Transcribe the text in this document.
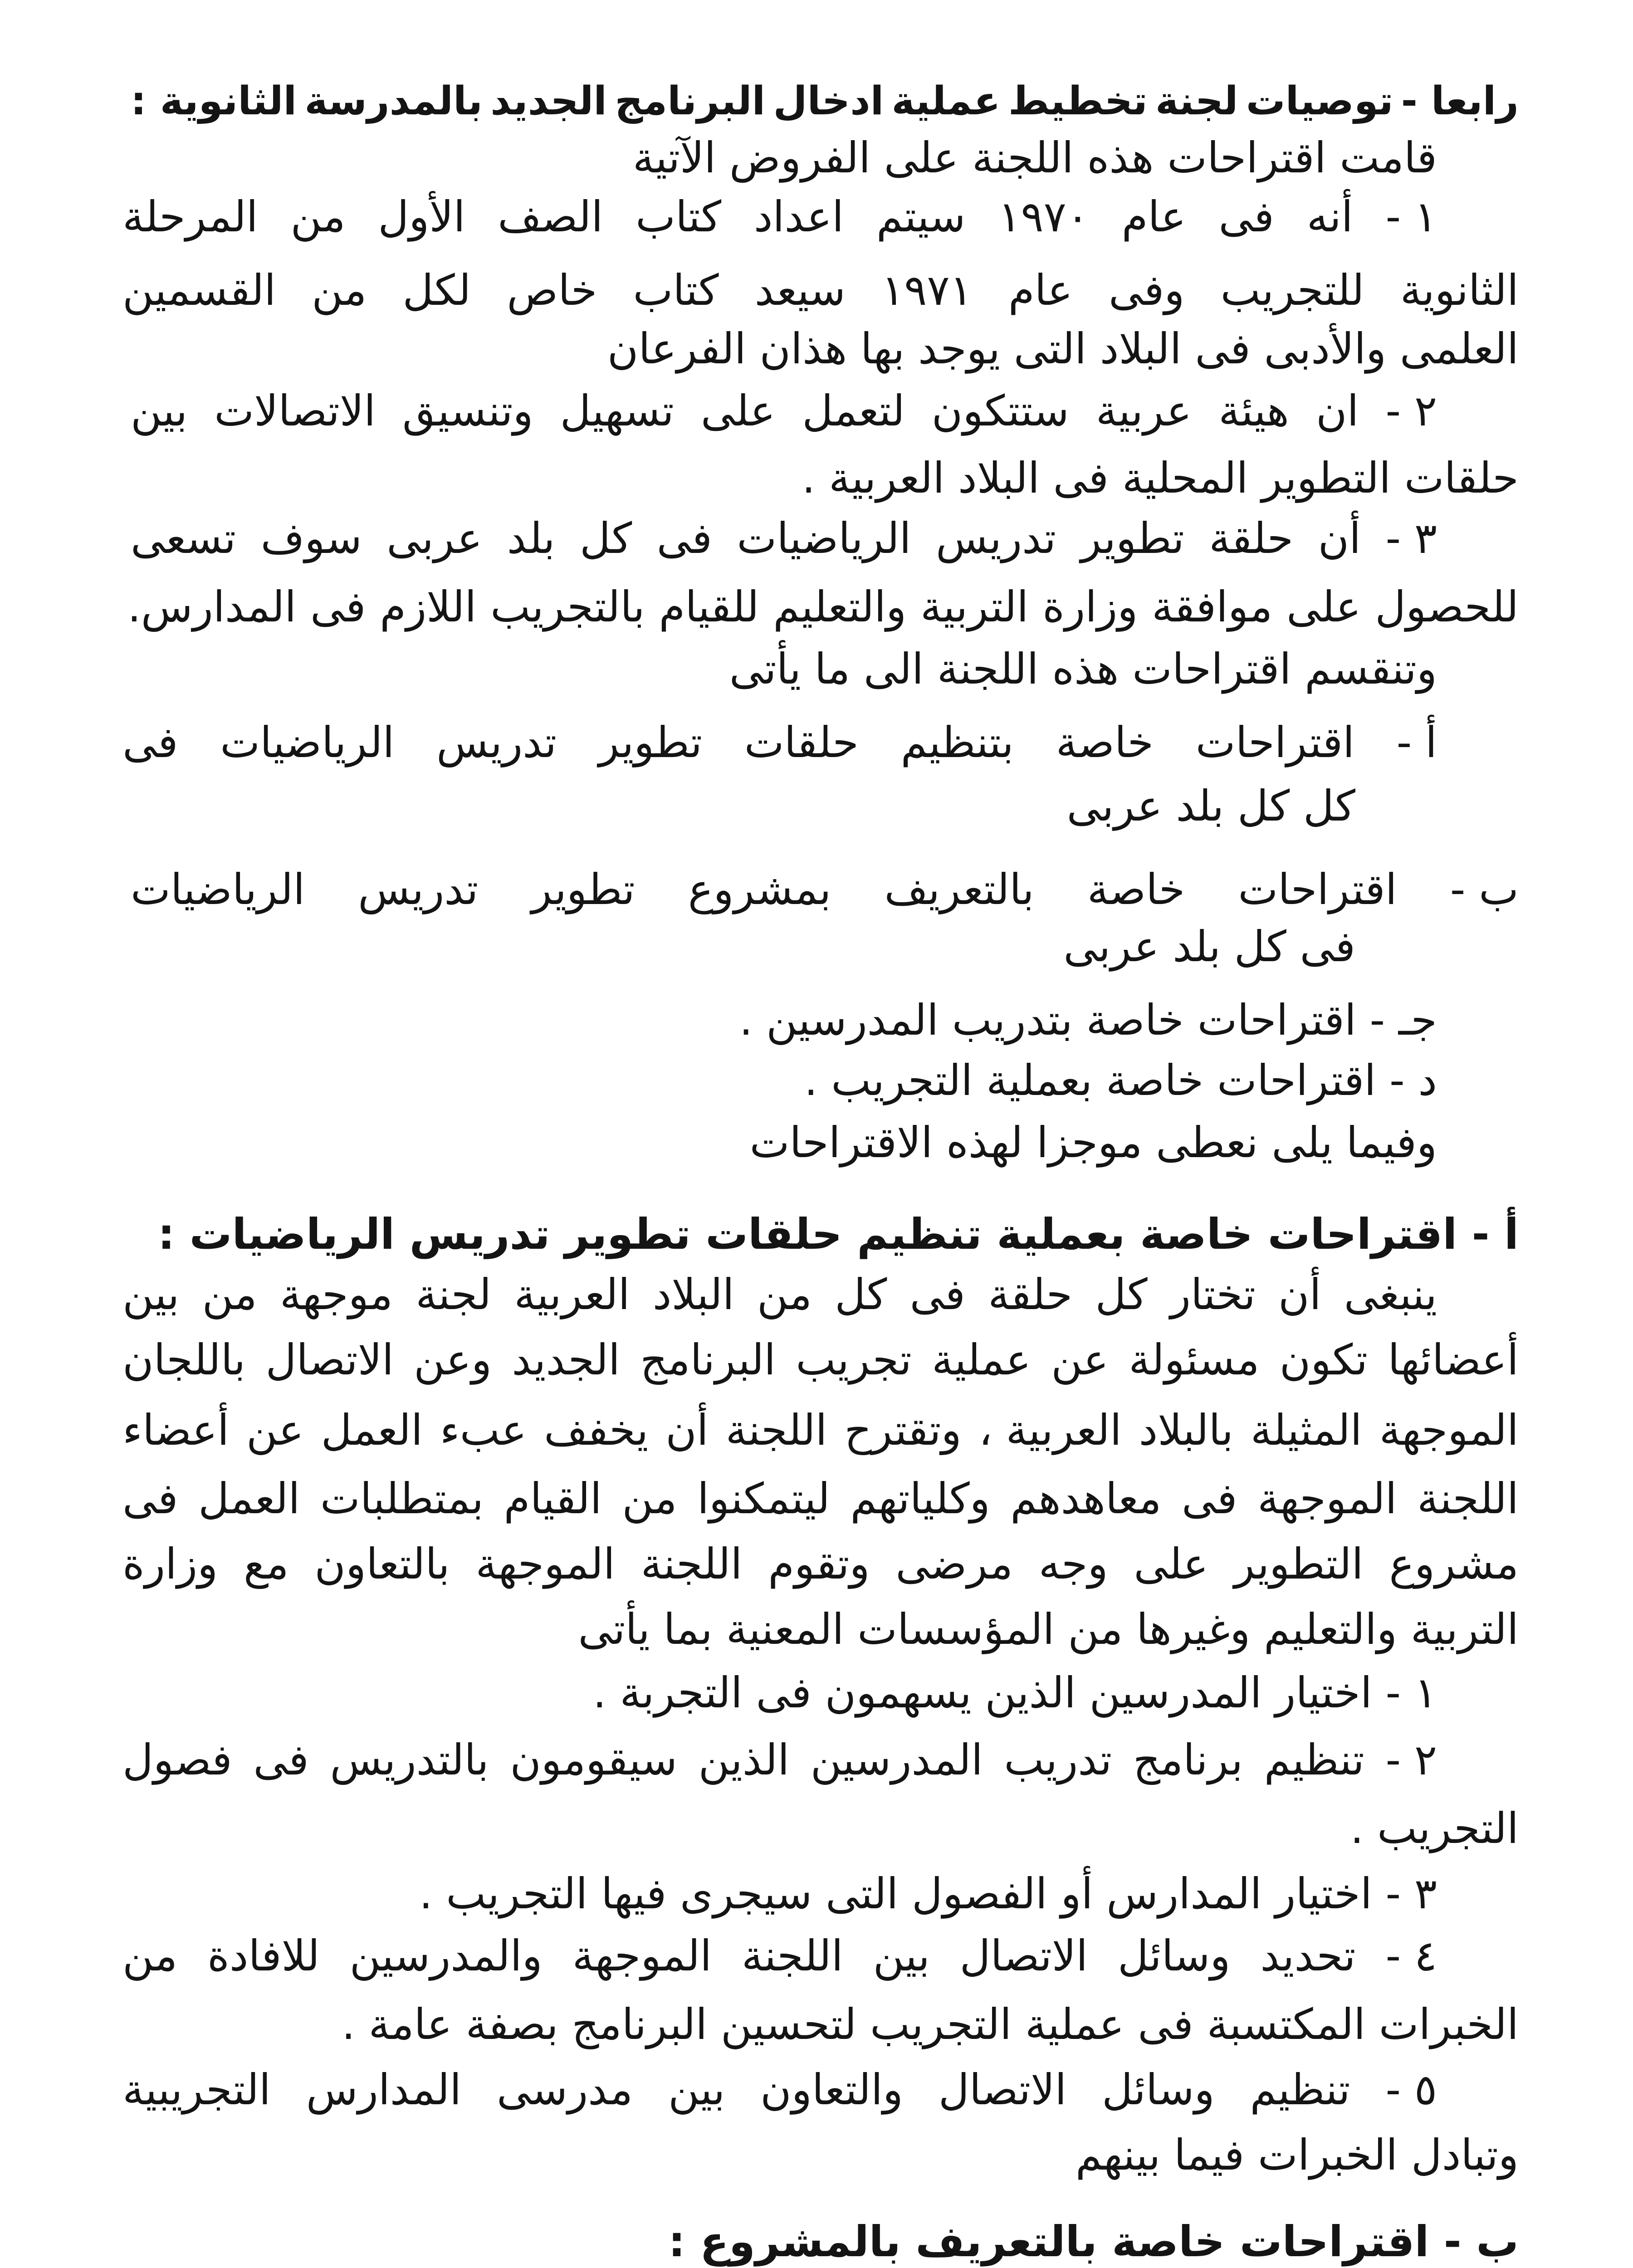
رابعا -
توصيات
لجنة
تخطيط
عملية
ادخال
البرنامج
الجديد
بالمدرسة
الثانوية :
قامت اقتراحات هذه اللجنة على الفروض الآتية
١ -
أنه
فى
عام
١٩٧٠
سيتم
اعداد
كتاب
الصف
الأول
من
المرحلة
الثانوية
للتجريب
وفى
عام
١٩٧١
سيعد
كتاب
خاص
لكل
من
القسمين
العلمى والأدبى فى البلاد التى يوجد بها هذان الفرعان
٢ -
ان
هيئة
عربية
ستتكون
لتعمل
على
تسهيل
وتنسيق
الاتصالات
بين
حلقات التطوير المحلية فى البلاد العربية .
٣ -
أن
حلقة
تطوير
تدريس
الرياضيات
فى
كل
بلد
عربى
سوف
تسعى
للحصول
على
موافقة
وزارة
التربية
والتعليم
للقيام
بالتجريب
اللازم
فى
المدارس.
وتنقسم اقتراحات هذه اللجنة الى ما يأتى
أ -
اقتراحات
خاصة
بتنظيم
حلقات
تطوير
تدريس
الرياضيات
فى
كل كل بلد عربى
ب -
اقتراحات
خاصة
بالتعريف
بمشروع
تطوير
تدريس
الرياضيات
فى كل بلد عربى
جـ - اقتراحات خاصة بتدريب المدرسين .
د - اقتراحات خاصة بعملية التجريب .
وفيما يلى نعطى موجزا لهذه الاقتراحات
أ - اقتراحات خاصة بعملية تنظيم حلقات تطوير تدريس الرياضيات :
ينبغى
أن
تختار
كل
حلقة
فى
كل
من
البلاد
العربية
لجنة
موجهة
من
بين
أعضائها
تكون
مسئولة
عن
عملية
تجريب
البرنامج
الجديد
وعن
الاتصال
باللجان
الموجهة
المثيلة
بالبلاد
العربية ،
وتقترح
اللجنة
أن
يخفف
عبء
العمل
عن
أعضاء
اللجنة
الموجهة
فى
معاهدهم
وكلياتهم
ليتمكنوا
من
القيام
بمتطلبات
العمل
فى
مشروع
التطوير
على
وجه
مرضى
وتقوم
اللجنة
الموجهة
بالتعاون
مع
وزارة
التربية والتعليم وغيرها من المؤسسات المعنية بما يأتى
١ - اختيار المدرسين الذين يسهمون فى التجربة .
٢ -
تنظيم
برنامج
تدريب
المدرسين
الذين
سيقومون
بالتدريس
فى
فصول
التجريب .
٣ - اختيار المدارس أو الفصول التى سيجرى فيها التجريب .
٤ -
تحديد
وسائل
الاتصال
بين
اللجنة
الموجهة
والمدرسين
للافادة
من
الخبرات المكتسبة فى عملية التجريب لتحسين البرنامج بصفة عامة .
٥ -
تنظيم
وسائل
الاتصال
والتعاون
بين
مدرسى
المدارس
التجريبية
وتبادل الخبرات فيما بينهم
ب - اقتراحات خاصة بالتعريف بالمشروع :
